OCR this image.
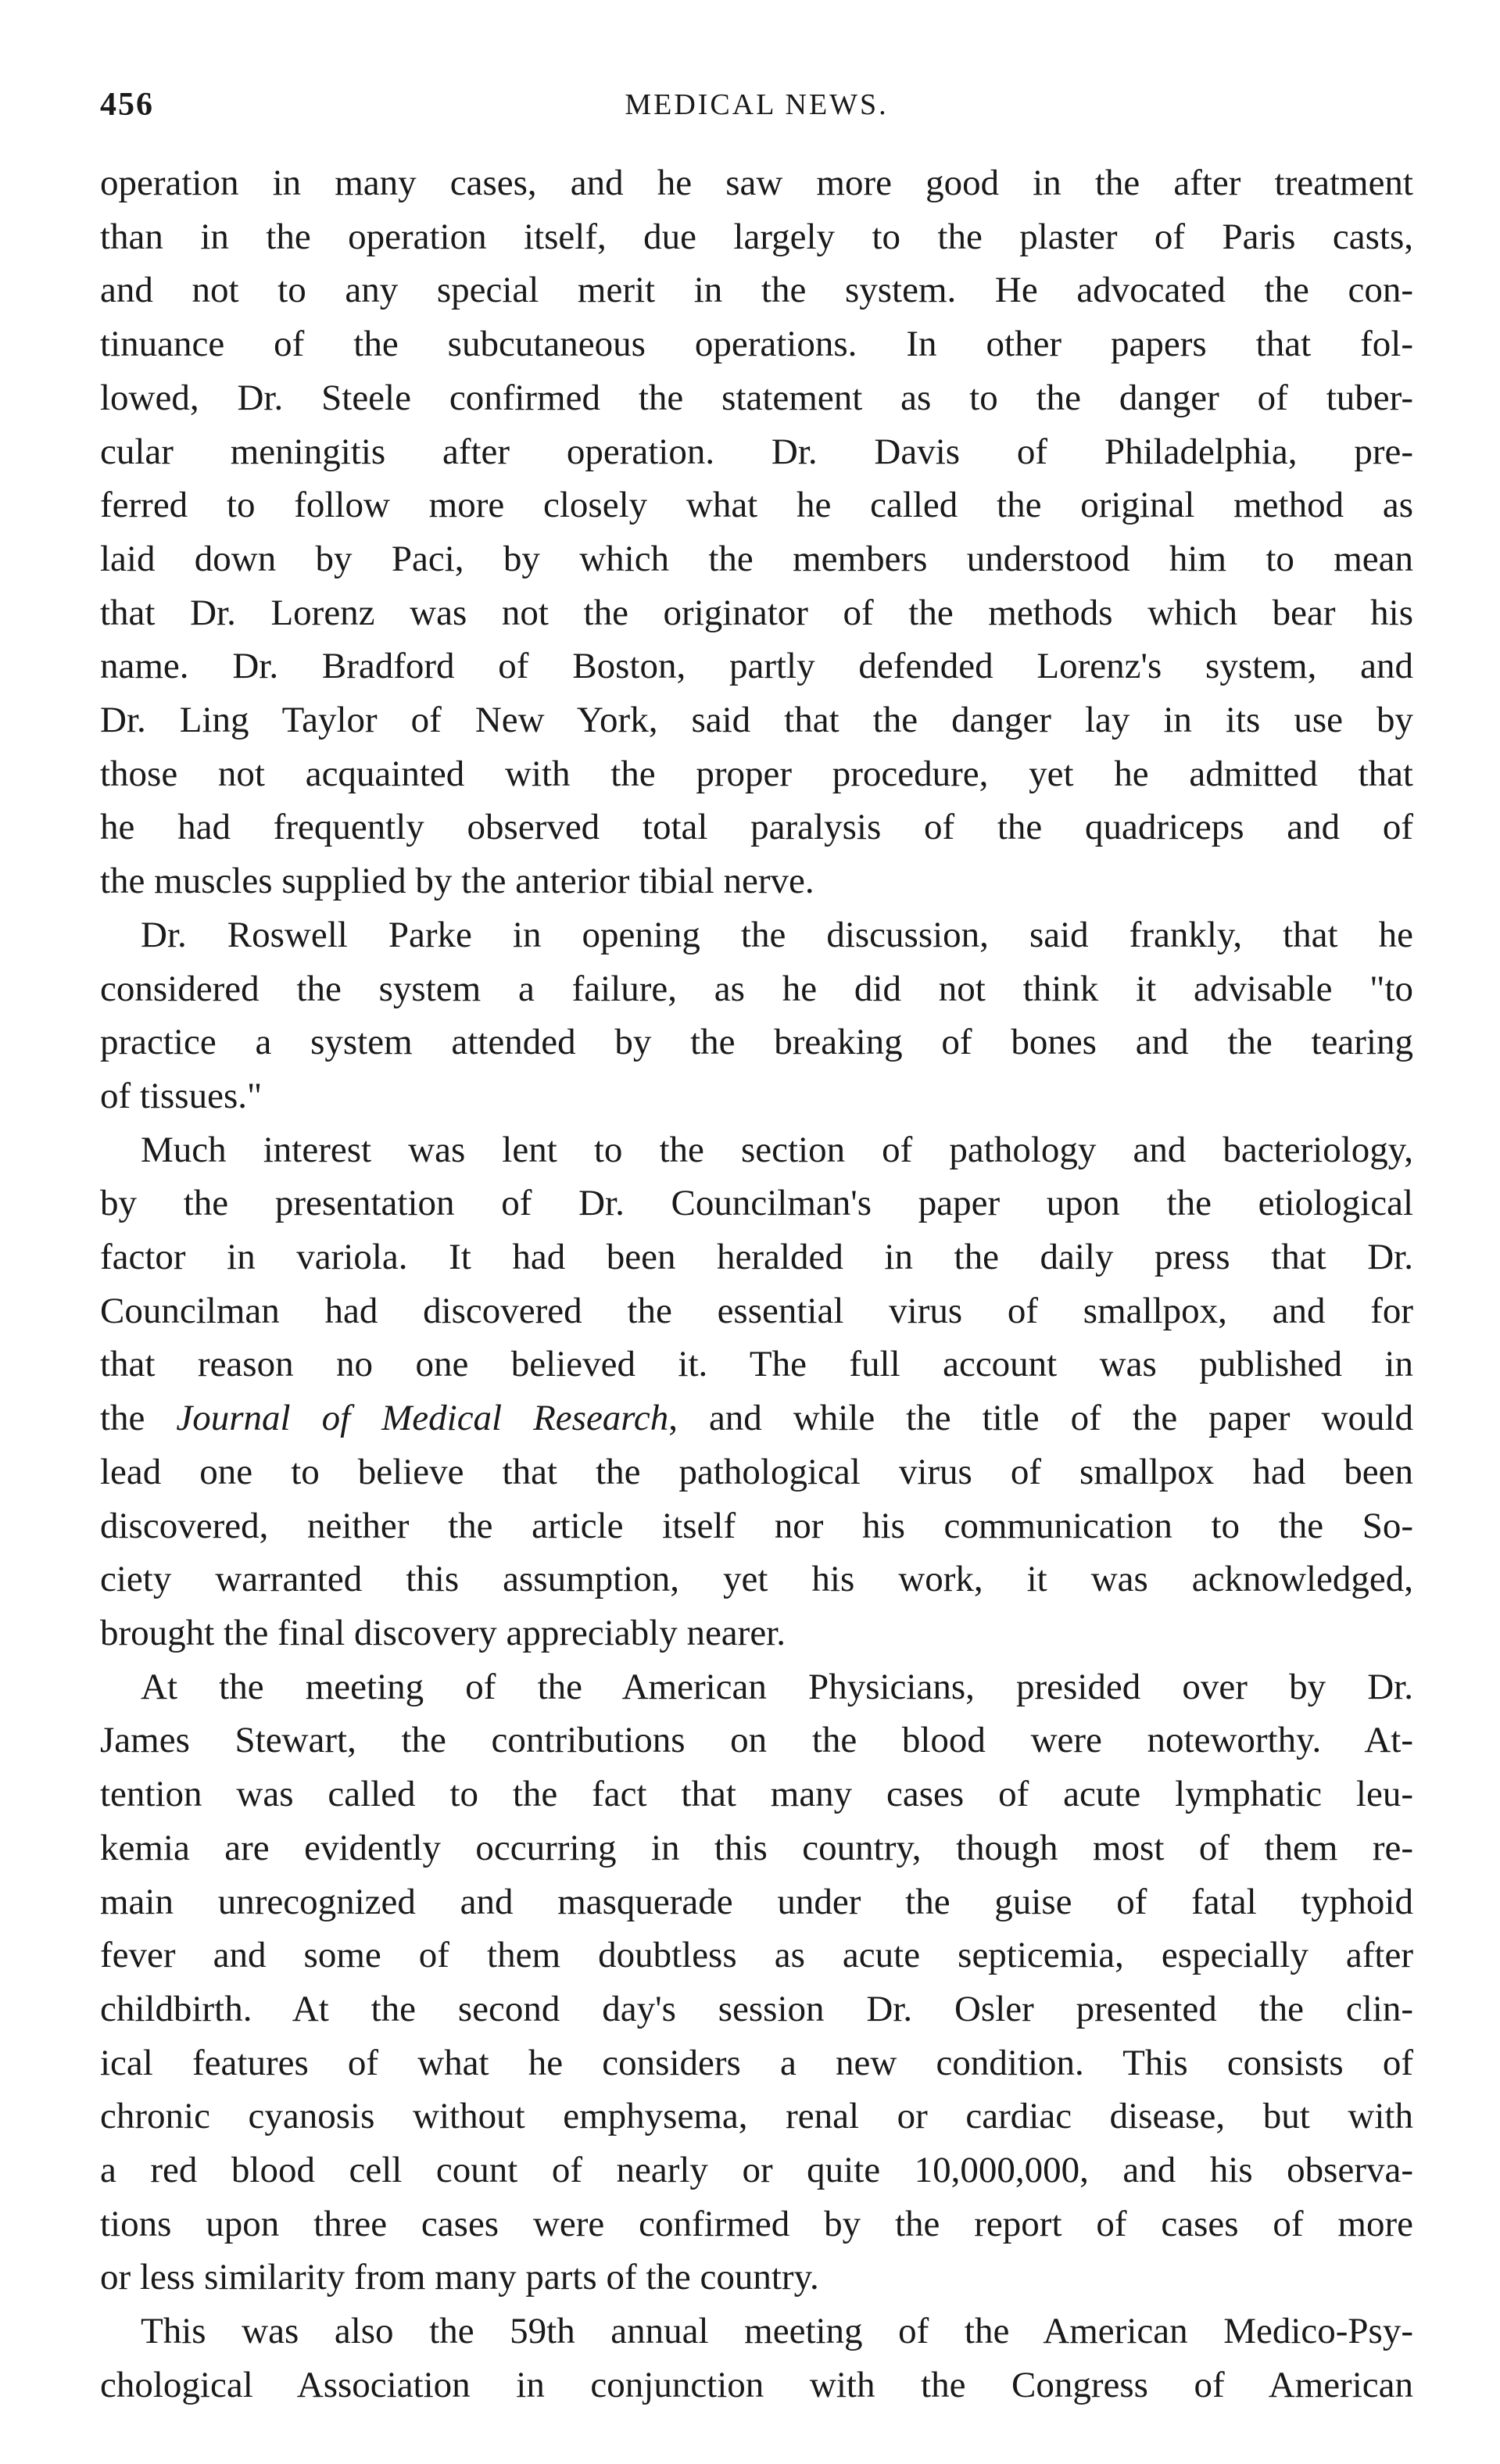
456	MEDICAL NEWS.

operation in many cases, and he saw more good in the after treatment
than in the operation itself, due largely to the plaster of Paris casts,
and not to any special merit in the system. He advocated the con-
tinuance of the subcutaneous operations. In other papers that fol-
lowed, Dr. Steele confirmed the statement as to the danger of tuber-
cular meningitis after operation. Dr. Davis of Philadelphia, pre-
ferred to follow more closely what he called the original method as
laid down by Paci, by which the members understood him to mean
that Dr. Lorenz was not the originator of the methods which bear his
name. Dr. Bradford of Boston, partly defended Lorenz's system, and
Dr. Ling Taylor of New York, said that the danger lay in its use by
those not acquainted with the proper procedure, yet he admitted that
he had frequently observed total paralysis of the quadriceps and of
the muscles supplied by the anterior tibial nerve.

Dr. Roswell Parke in opening the discussion, said frankly, that he
considered the system a failure, as he did not think it advisable "to
practice a system attended by the breaking of bones and the tearing
of tissues."

Much interest was lent to the section of pathology and bacteriology,
by the presentation of Dr. Councilman's paper upon the etiological
factor in variola. It had been heralded in the daily press that Dr.
Councilman had discovered the essential virus of smallpox, and for
that reason no one believed it. The full account was published in
the Journal of Medical Research, and while the title of the paper would
lead one to believe that the pathological virus of smallpox had been
discovered, neither the article itself nor his communication to the So-
ciety warranted this assumption, yet his work, it was acknowledged,
brought the final discovery appreciably nearer.

At the meeting of the American Physicians, presided over by Dr.
James Stewart, the contributions on the blood were noteworthy. At-
tention was called to the fact that many cases of acute lymphatic leu-
kemia are evidently occurring in this country, though most of them re-
main unrecognized and masquerade under the guise of fatal typhoid
fever and some of them doubtless as acute septicemia, especially after
childbirth. At the second day's session Dr. Osler presented the clin-
ical features of what he considers a new condition. This consists of
chronic cyanosis without emphysema, renal or cardiac disease, but with
a red blood cell count of nearly or quite 10,000,000, and his observa-
tions upon three cases were confirmed by the report of cases of more
or less similarity from many parts of the country.

This was also the 59th annual meeting of the American Medico-Psy-
chological Association in conjunction with the Congress of American
